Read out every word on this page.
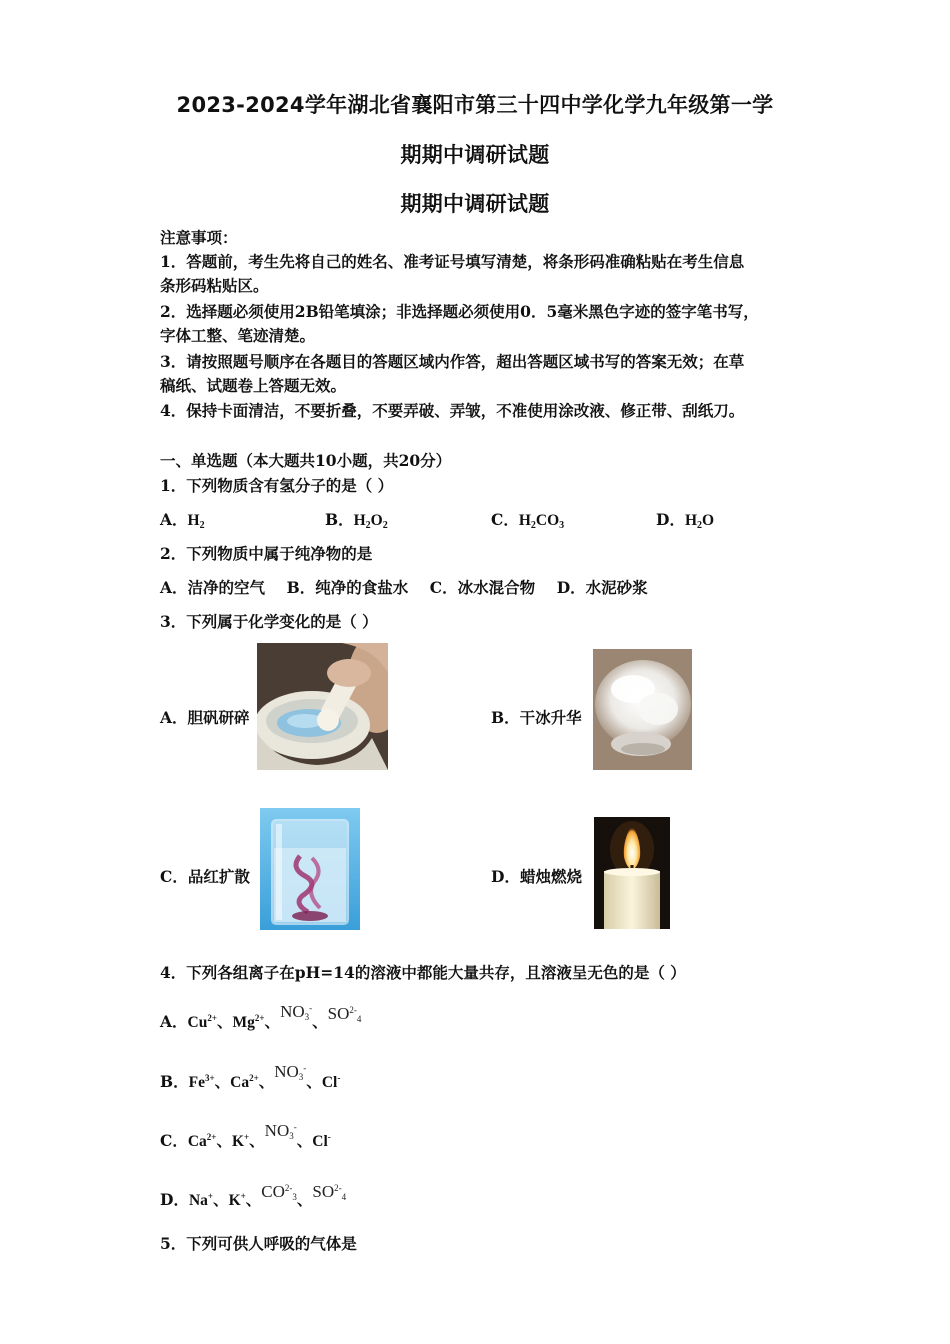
2023-2024学年湖北省襄阳市第三十四中学化学九年级第一学
期期中调研试题
期期中调研试题
注意事项：
1．答题前，考生先将自己的姓名、准考证号填写清楚，将条形码准确粘贴在考生信息
条形码粘贴区。
2．选择题必须使用2B铅笔填涂；非选择题必须使用0．5毫米黑色字迹的签字笔书写，
字体工整、笔迹清楚。
3．请按照题号顺序在各题目的答题区域内作答，超出答题区域书写的答案无效；在草
稿纸、试题卷上答题无效。
4．保持卡面清洁，不要折叠，不要弄破、弄皱，不准使用涂改液、修正带、刮纸刀。
一、单选题（本大题共10小题，共20分）
1．下列物质含有氢分子的是（ ）
A．$H_2$	B．$H_2O_2$	C．$H_2CO_3$	D．$H_2O$
2．下列物质中属于纯净物的是
A．洁净的空气    B．纯净的食盐水    C．冰水混合物    D．水泥砂浆
3．下列属于化学变化的是（ ）
A．胆矾研碎	B．干冰升华
C．品红扩散	D．蜡烛燃烧
4．下列各组离子在pH=14的溶液中都能大量共存，且溶液呈无色的是（ ）
A．$Cu^{2+}$、$Mg^{2+}$、$NO_3^-$、$SO^{2-}_4$
B．$Fe^{3+}$、$Ca^{2+}$、$NO_3^-$、Cl-
C．$Ca^{2+}$、K+、$NO_3^-$、Cl-
D．Na+、K+、$CO^{2-}_3$、$SO^{2-}_4$
5．下列可供人呼吸的气体是
